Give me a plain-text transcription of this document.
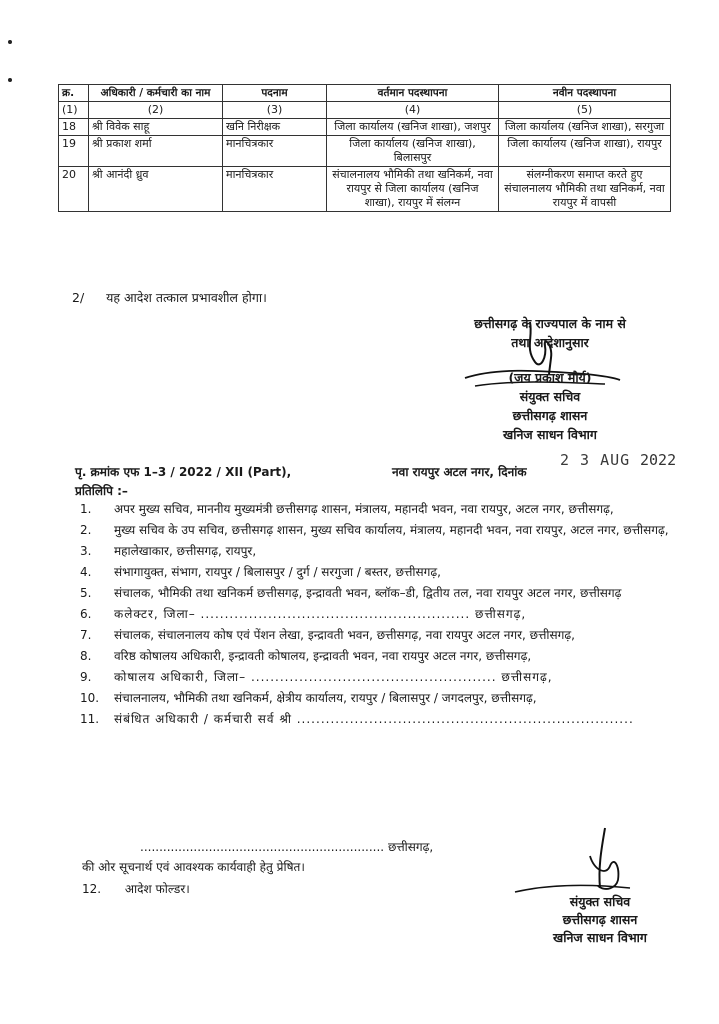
क्र.	अधिकारी / कर्मचारी का नाम	पदनाम	वर्तमान पदस्थापना	नवीन पदस्थापना
(1)	(2)	(3)	(4)	(5)
18	श्री विवेक साहू	खनि निरीक्षक	जिला कार्यालय (खनिज शाखा), जशपुर	जिला कार्यालय (खनिज शाखा), सरगुजा
19	श्री प्रकाश शर्मा	मानचित्रकार	जिला कार्यालय (खनिज शाखा), बिलासपुर	जिला कार्यालय (खनिज शाखा), रायपुर
20	श्री आनंदी ध्रुव	मानचित्रकार	संचालनालय भौमिकी तथा खनिकर्म, नवा रायपुर से जिला कार्यालय (खनिज शाखा), रायपुर में संलग्न	संलग्नीकरण समाप्त करते हुए संचालनालय भौमिकी तथा खनिकर्म, नवा रायपुर में वापसी
2/ यह आदेश तत्काल प्रभावशील होगा।
छत्तीसगढ़ के राज्यपाल के नाम से
तथा आदेशानुसार
(जय प्रकाश मौर्य)
संयुक्त सचिव
छत्तीसगढ़ शासन
खनिज साधन विभाग
पृ. क्रमांक एफ 1–3 / 2022 / XII (Part),	नवा रायपुर अटल नगर, दिनांक
2 3 AUG 2022
प्रतिलिपि :–
1. अपर मुख्य सचिव, माननीय मुख्यमंत्री छत्तीसगढ़ शासन, मंत्रालय, महानदी भवन, नवा रायपुर, अटल नगर, छत्तीसगढ़,
2. मुख्य सचिव के उप सचिव, छत्तीसगढ़ शासन, मुख्य सचिव कार्यालय, मंत्रालय, महानदी भवन, नवा रायपुर, अटल नगर, छत्तीसगढ़,
3. महालेखाकार, छत्तीसगढ़, रायपुर,
4. संभागायुक्त, संभाग, रायपुर / बिलासपुर / दुर्ग / सरगुजा / बस्तर, छत्तीसगढ़,
5. संचालक, भौमिकी तथा खनिकर्म छत्तीसगढ़, इन्द्रावती भवन, ब्लॉक–डी, द्वितीय तल, नवा रायपुर अटल नगर, छत्तीसगढ़
6. कलेक्टर, जिला– ........................................................ छत्तीसगढ़,
7. संचालक, संचालनालय कोष एवं पेंशन लेखा, इन्द्रावती भवन, छत्तीसगढ़, नवा रायपुर अटल नगर, छत्तीसगढ़,
8. वरिष्ठ कोषालय अधिकारी, इन्द्रावती कोषालय, इन्द्रावती भवन, नवा रायपुर अटल नगर, छत्तीसगढ़,
9. कोषालय अधिकारी, जिला– ................................................... छत्तीसगढ़,
10. संचालनालय, भौमिकी तथा खनिकर्म, क्षेत्रीय कार्यालय, रायपुर / बिलासपुर / जगदलपुर, छत्तीसगढ़,
11. संबंधित अधिकारी / कर्मचारी सर्व श्री ......................................................................
................................................................ छत्तीसगढ़,
की ओर सूचनार्थ एवं आवश्यक कार्यवाही हेतु प्रेषित।
12. आदेश फोल्डर।
संयुक्त सचिव
छत्तीसगढ़ शासन
खनिज साधन विभाग
